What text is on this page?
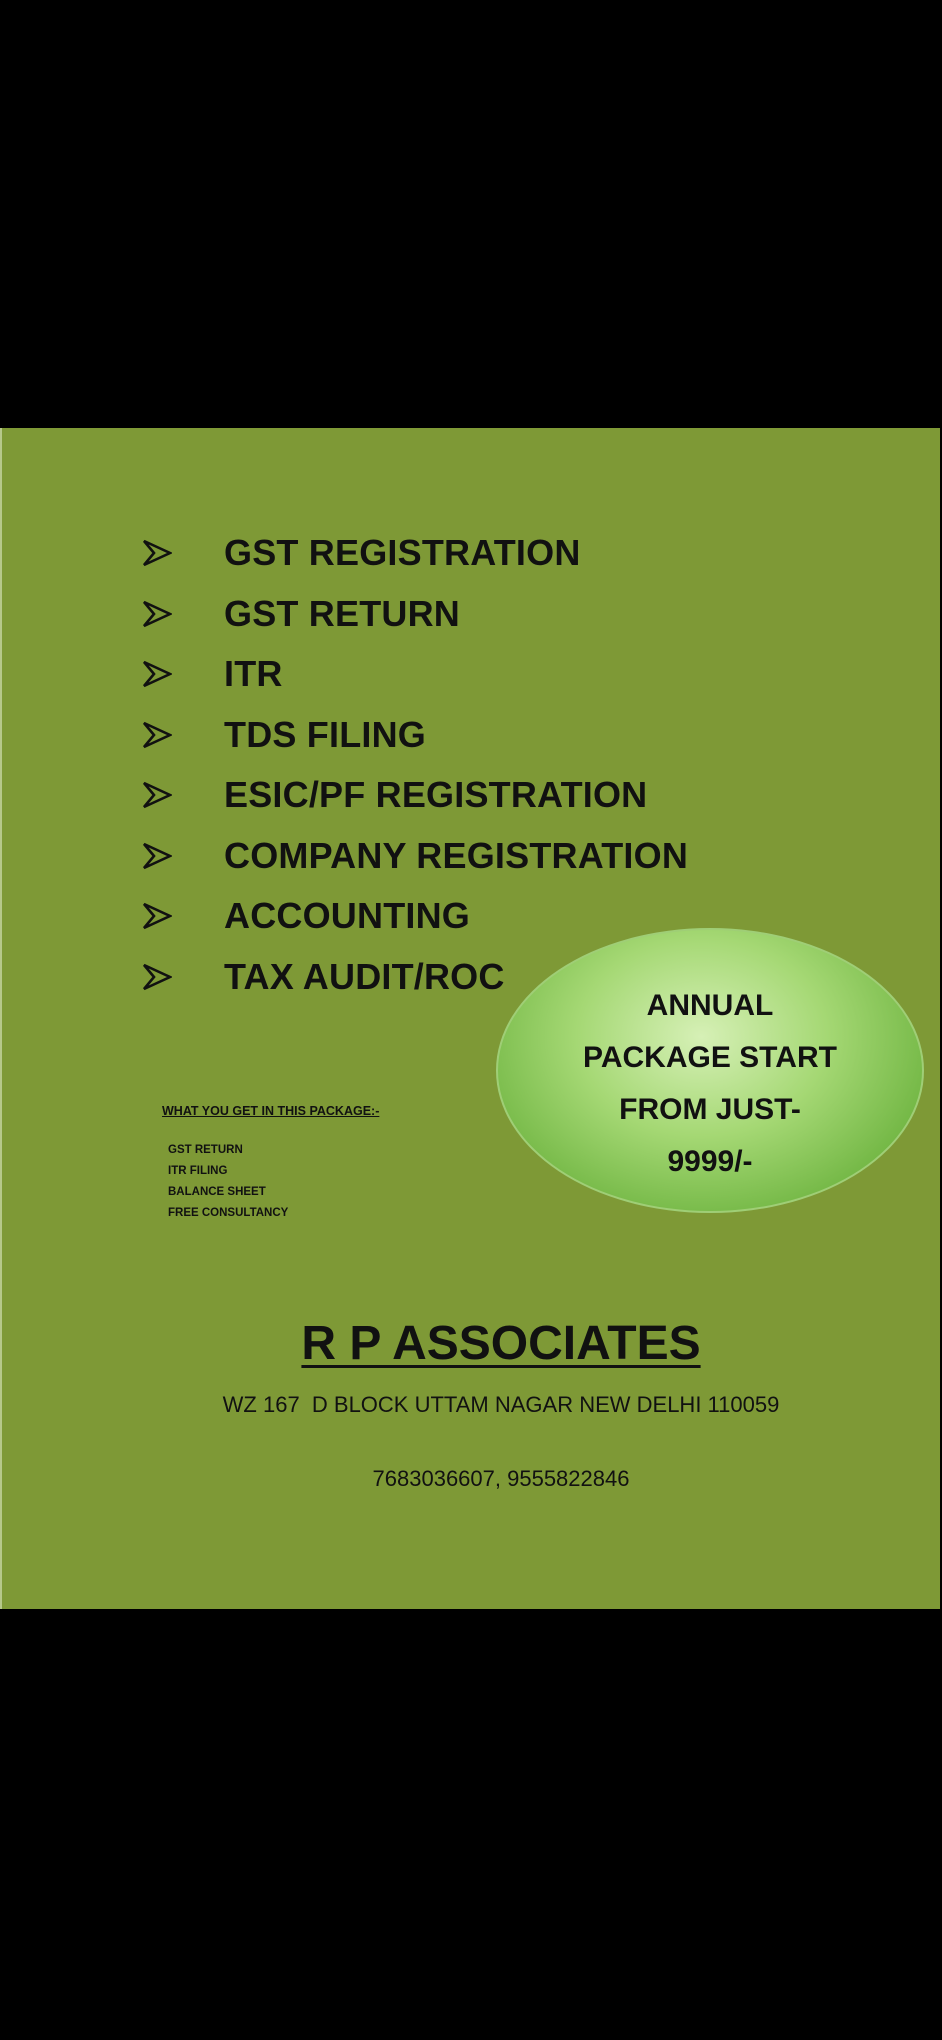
GST REGISTRATION
GST RETURN
ITR
TDS FILING
ESIC/PF REGISTRATION
COMPANY REGISTRATION
ACCOUNTING
TAX AUDIT/ROC
ANNUAL
PACKAGE START
FROM JUST-
9999/-
WHAT YOU GET IN THIS PACKAGE:-
GST RETURN
ITR FILING
BALANCE SHEET
FREE CONSULTANCY
R P ASSOCIATES
WZ 167  D BLOCK UTTAM NAGAR NEW DELHI 110059
7683036607, 9555822846
